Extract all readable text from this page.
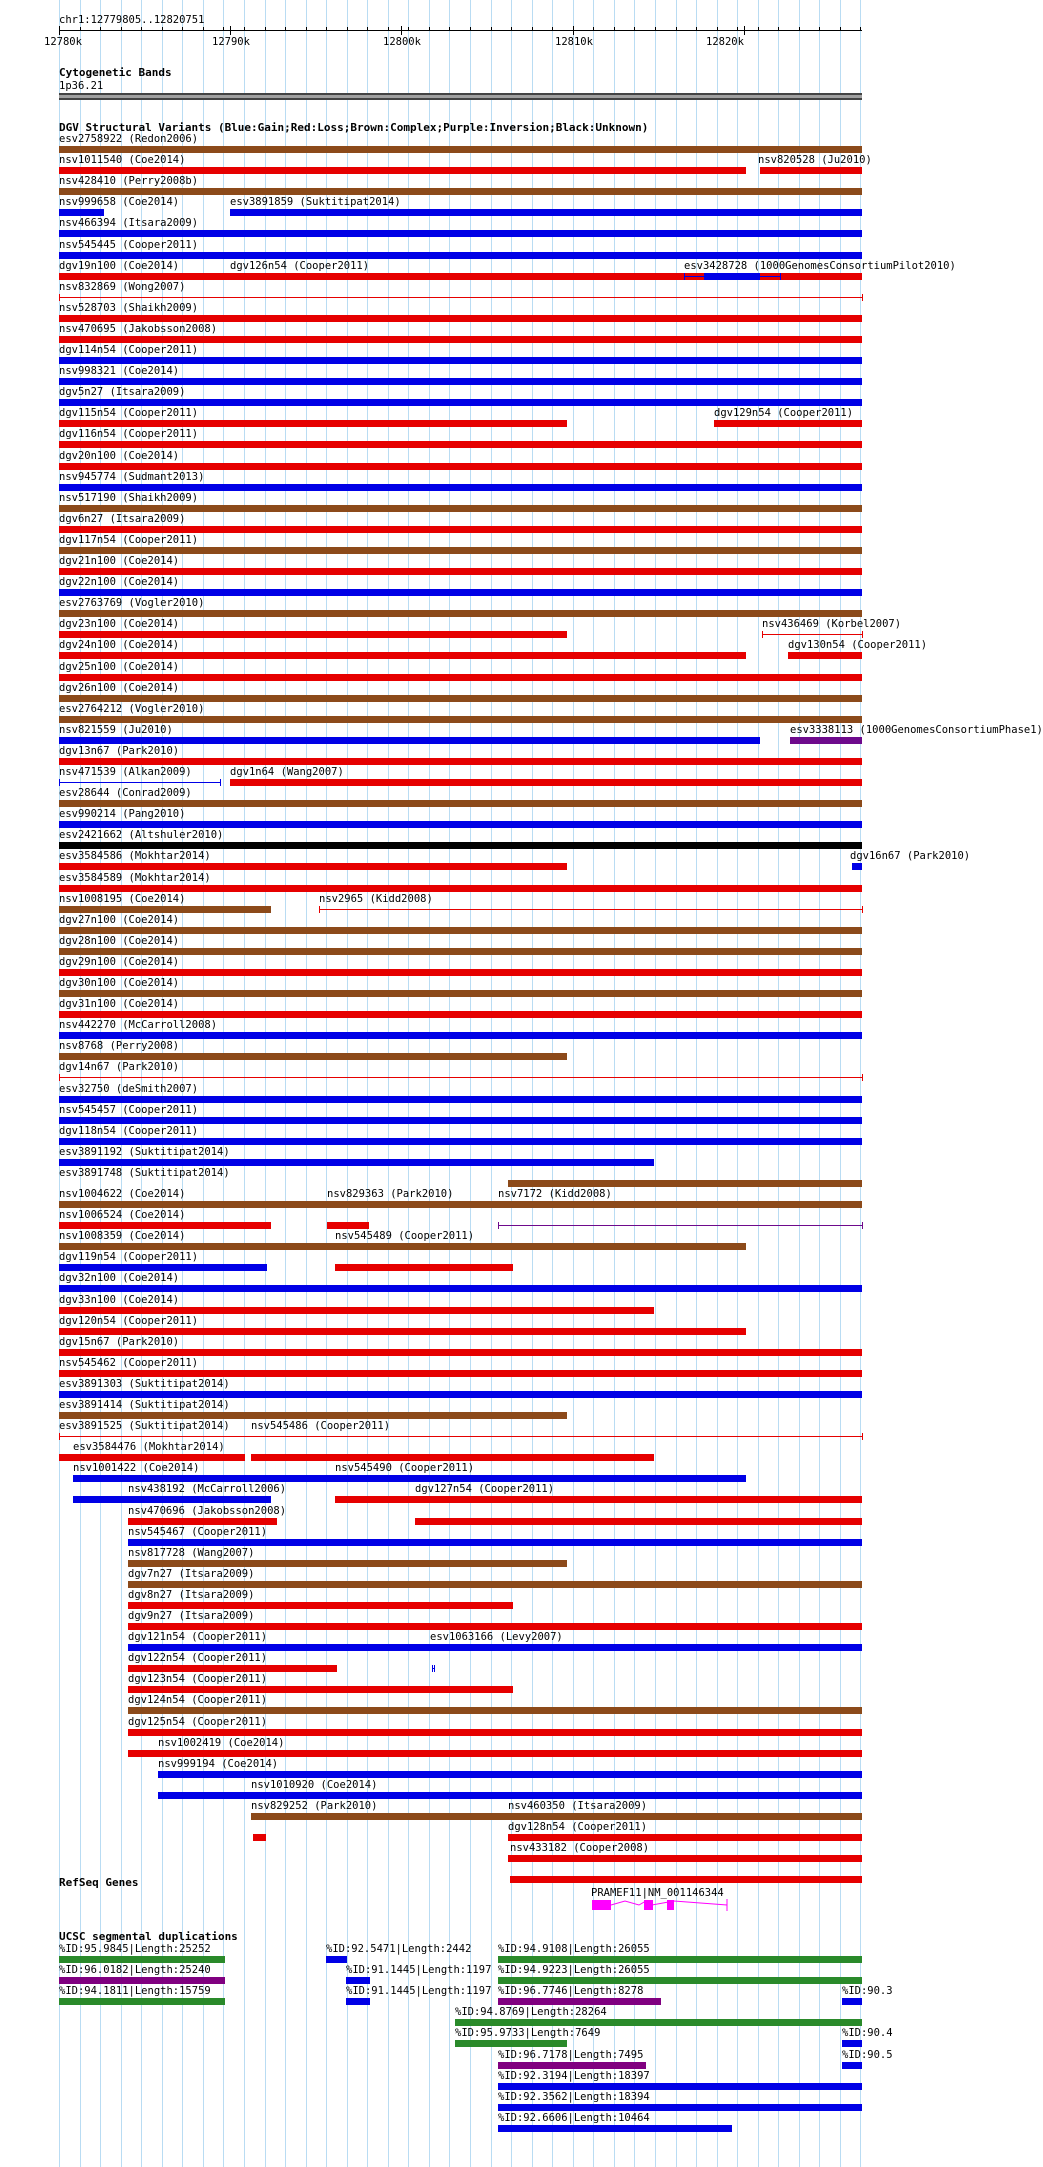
chr1:12779805..12820751
12780k	12790k	12800k	12810k	12820k
Cytogenetic Bands
1p36.21
DGV Structural Variants (Blue:Gain;Red:Loss;Brown:Complex;Purple:Inversion;Black:Unknown)
esv2758922 (Redon2006)
nsv1011540 (Coe2014)	nsv820528 (Ju2010)
nsv428410 (Perry2008b)
nsv999658 (Coe2014)	esv3891859 (Suktitipat2014)
nsv466394 (Itsara2009)
nsv545445 (Cooper2011)
dgv19n100 (Coe2014)	dgv126n54 (Cooper2011)	esv3428728 (1000GenomesConsortiumPilot2010)
nsv832869 (Wong2007)
nsv528703 (Shaikh2009)
nsv470695 (Jakobsson2008)
dgv114n54 (Cooper2011)
nsv998321 (Coe2014)
dgv5n27 (Itsara2009)
dgv115n54 (Cooper2011)	dgv129n54 (Cooper2011)
dgv116n54 (Cooper2011)
dgv20n100 (Coe2014)
nsv945774 (Sudmant2013)
nsv517190 (Shaikh2009)
dgv6n27 (Itsara2009)
dgv117n54 (Cooper2011)
dgv21n100 (Coe2014)
dgv22n100 (Coe2014)
esv2763769 (Vogler2010)
dgv23n100 (Coe2014)	nsv436469 (Korbel2007)
dgv24n100 (Coe2014)	dgv130n54 (Cooper2011)
dgv25n100 (Coe2014)
dgv26n100 (Coe2014)
esv2764212 (Vogler2010)
nsv821559 (Ju2010)	esv3338113 (1000GenomesConsortiumPhase1)
dgv13n67 (Park2010)
nsv471539 (Alkan2009)	dgv1n64 (Wang2007)
esv28644 (Conrad2009)
esv990214 (Pang2010)
esv2421662 (Altshuler2010)
esv3584586 (Mokhtar2014)	dgv16n67 (Park2010)
esv3584589 (Mokhtar2014)
nsv1008195 (Coe2014)	nsv2965 (Kidd2008)
dgv27n100 (Coe2014)
dgv28n100 (Coe2014)
dgv29n100 (Coe2014)
dgv30n100 (Coe2014)
dgv31n100 (Coe2014)
nsv442270 (McCarroll2008)
nsv8768 (Perry2008)
dgv14n67 (Park2010)
esv32750 (deSmith2007)
nsv545457 (Cooper2011)
dgv118n54 (Cooper2011)
esv3891192 (Suktitipat2014)
esv3891748 (Suktitipat2014)
nsv1004622 (Coe2014)	nsv829363 (Park2010)	nsv7172 (Kidd2008)
nsv1006524 (Coe2014)
nsv1008359 (Coe2014)	nsv545489 (Cooper2011)
dgv119n54 (Cooper2011)
dgv32n100 (Coe2014)
dgv33n100 (Coe2014)
dgv120n54 (Cooper2011)
dgv15n67 (Park2010)
nsv545462 (Cooper2011)
esv3891303 (Suktitipat2014)
esv3891414 (Suktitipat2014)
esv3891525 (Suktitipat2014) nsv545486 (Cooper2011)
esv3584476 (Mokhtar2014)
nsv1001422 (Coe2014)	nsv545490 (Cooper2011)
nsv438192 (McCarroll2006)	dgv127n54 (Cooper2011)
nsv470696 (Jakobsson2008)
nsv545467 (Cooper2011)
nsv817728 (Wang2007)
dgv7n27 (Itsara2009)
dgv8n27 (Itsara2009)
dgv9n27 (Itsara2009)
dgv121n54 (Cooper2011)	esv1063166 (Levy2007)
dgv122n54 (Cooper2011)
dgv123n54 (Cooper2011)
dgv124n54 (Cooper2011)
dgv125n54 (Cooper2011)
nsv1002419 (Coe2014)
nsv999194 (Coe2014)
nsv1010920 (Coe2014)
nsv829252 (Park2010)	nsv460350 (Itsara2009)
dgv128n54 (Cooper2011)
nsv433182 (Cooper2008)
RefSeq Genes
PRAMEF11|NM_001146344
UCSC segmental duplications
%ID:95.9845|Length:25252	%ID:92.5471|Length:2442	%ID:94.9108|Length:26055
%ID:96.0182|Length:25240	%ID:91.1445|Length:1197 %ID:94.9223|Length:26055
%ID:94.1811|Length:15759	%ID:91.1445|Length:1197 %ID:96.7746|Length:8278	%ID:90.3
%ID:94.8769|Length:28264
%ID:95.9733|Length:7649	%ID:90.4
%ID:96.7178|Length:7495	%ID:90.5
%ID:92.3194|Length:18397
%ID:92.3562|Length:18394
%ID:92.6606|Length:10464
